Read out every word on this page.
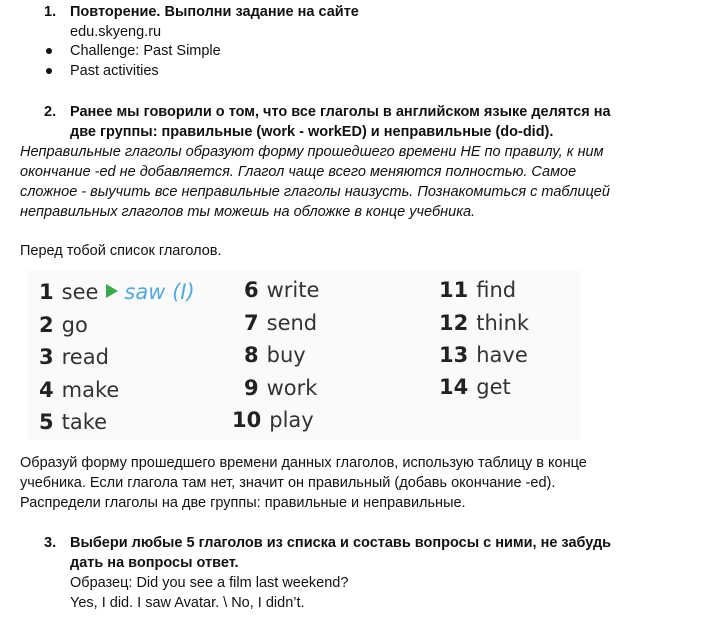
1. Повторение. Выполни задание на сайте
edu.skyeng.ru
Challenge: Past Simple
Past activities
2. Ранее мы говорили о том, что все глаголы в английском языке делятся на
две группы: правильные (work - workED) и неправильные (do-did).
Неправильные глаголы образуют форму прошедшего времени НЕ по правилу, к ним
окончание -ed не добавляется. Глагол чаще всего меняются полностью. Самое
сложное - выучить все неправильные глаголы наизусть. Познакомиться с таблицей
неправильных глаголов ты можешь на обложке в конце учебника.
Перед тобой список глаголов.
1 see saw (I)
2 go
3 read
4 make
5 take
6 write
7 send
8 buy
9 work
10 play
11 find
12 think
13 have
14 get
Образуй форму прошедшего времени данных глаголов, использую таблицу в конце
учебника. Если глагола там нет, значит он правильный (добавь окончание -ed).
Распредели глаголы на две группы: правильные и неправильные.
3. Выбери любые 5 глаголов из списка и составь вопросы с ними, не забудь
дать на вопросы ответ.
Образец: Did you see a film last weekend?
Yes, I did. I saw Avatar. \ No, I didn’t.
